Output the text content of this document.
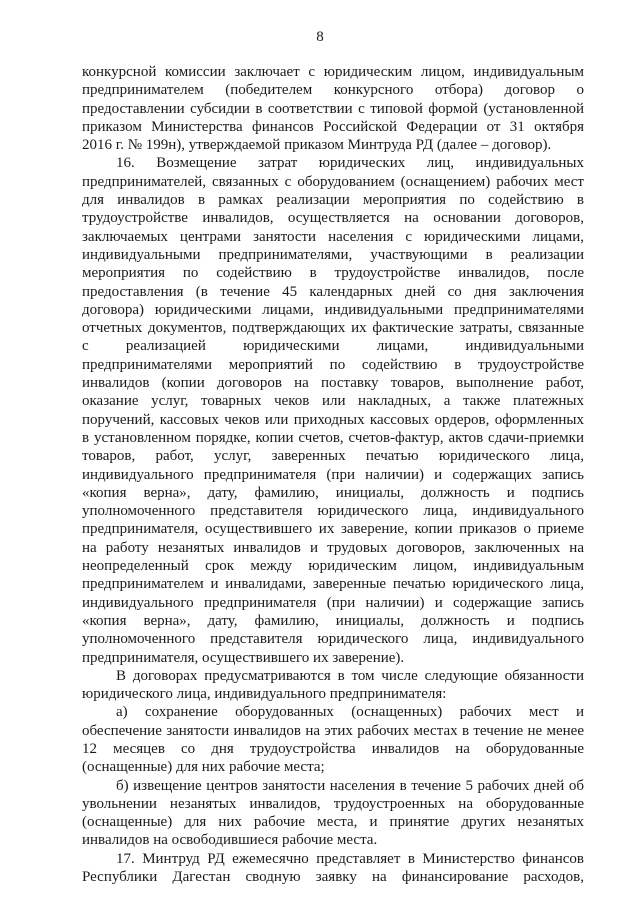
8
конкурсной комиссии заключает с юридическим лицом, индивидуальным
предпринимателем (победителем конкурсного отбора) договор о
предоставлении субсидии в соответствии с типовой формой (установленной
приказом Министерства финансов Российской Федерации от 31 октября
2016 г. № 199н), утверждаемой приказом Минтруда РД (далее – договор).
16. Возмещение затрат юридических лиц, индивидуальных
предпринимателей, связанных с оборудованием (оснащением) рабочих мест
для инвалидов в рамках реализации мероприятия по содействию в
трудоустройстве инвалидов, осуществляется на основании договоров,
заключаемых центрами занятости населения с юридическими лицами,
индивидуальными предпринимателями, участвующими в реализации
мероприятия по содействию в трудоустройстве инвалидов, после
предоставления (в течение 45 календарных дней со дня заключения
договора) юридическими лицами, индивидуальными предпринимателями
отчетных документов, подтверждающих их фактические затраты, связанные
с реализацией юридическими лицами, индивидуальными
предпринимателями мероприятий по содействию в трудоустройстве
инвалидов (копии договоров на поставку товаров, выполнение работ,
оказание услуг, товарных чеков или накладных, а также платежных
поручений, кассовых чеков или приходных кассовых ордеров, оформленных
в установленном порядке, копии счетов, счетов-фактур, актов сдачи-приемки
товаров, работ, услуг, заверенных печатью юридического лица,
индивидуального предпринимателя (при наличии) и содержащих запись
«копия верна», дату, фамилию, инициалы, должность и подпись
уполномоченного представителя юридического лица, индивидуального
предпринимателя, осуществившего их заверение, копии приказов о приеме
на работу незанятых инвалидов и трудовых договоров, заключенных на
неопределенный срок между юридическим лицом, индивидуальным
предпринимателем и инвалидами, заверенные печатью юридического лица,
индивидуального предпринимателя (при наличии) и содержащие запись
«копия верна», дату, фамилию, инициалы, должность и подпись
уполномоченного представителя юридического лица, индивидуального
предпринимателя, осуществившего их заверение).
В договорах предусматриваются в том числе следующие обязанности
юридического лица, индивидуального предпринимателя:
а) сохранение оборудованных (оснащенных) рабочих мест и
обеспечение занятости инвалидов на этих рабочих местах в течение не менее
12 месяцев со дня трудоустройства инвалидов на оборудованные
(оснащенные) для них рабочие места;
б) извещение центров занятости населения в течение 5 рабочих дней об
увольнении незанятых инвалидов, трудоустроенных на оборудованные
(оснащенные) для них рабочие места, и принятие других незанятых
инвалидов на освободившиеся рабочие места.
17. Минтруд РД ежемесячно представляет в Министерство финансов
Республики Дагестан сводную заявку на финансирование расходов,
